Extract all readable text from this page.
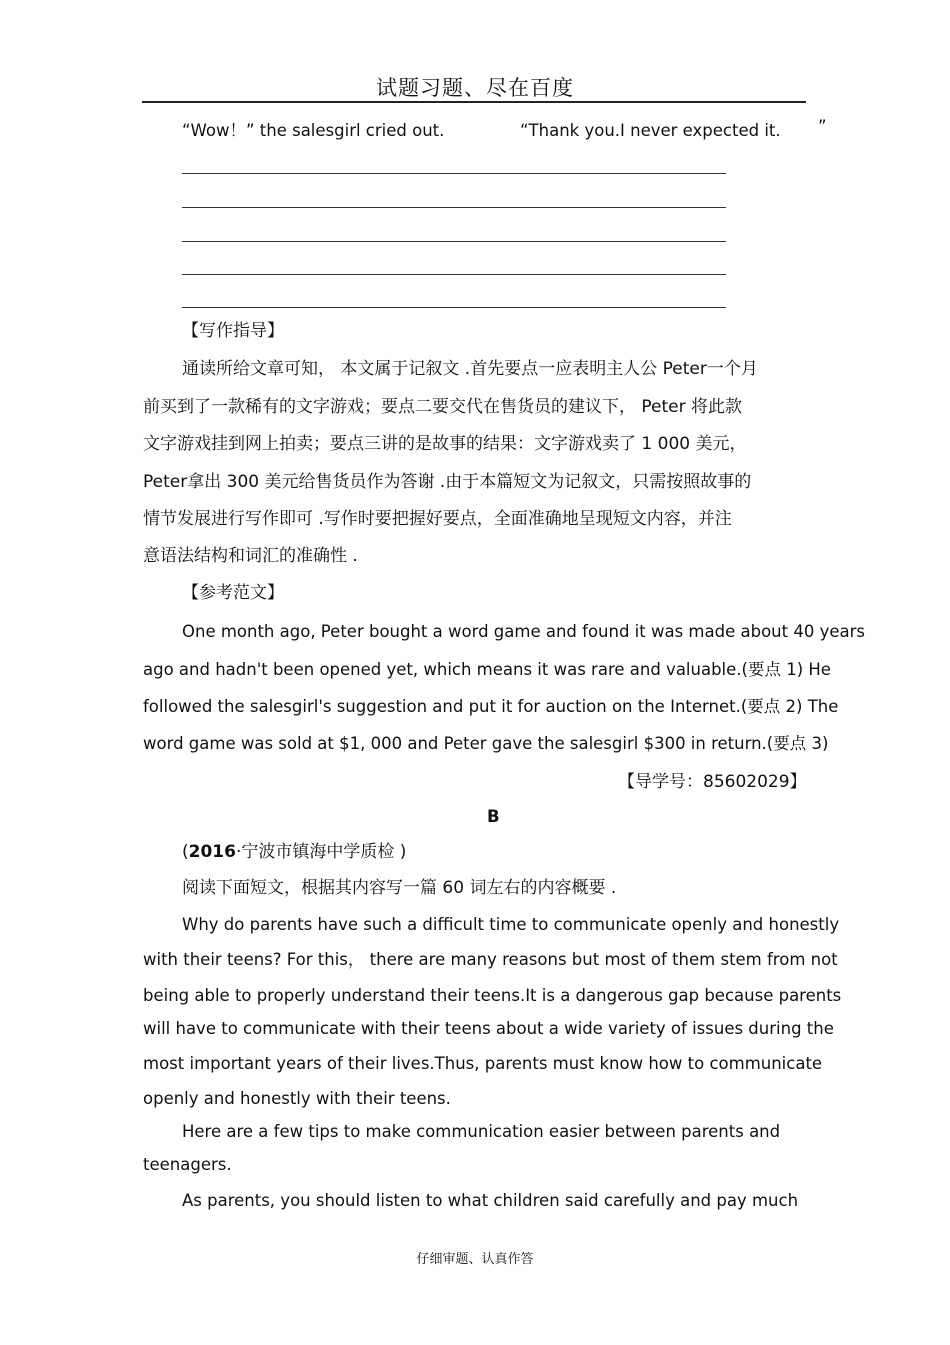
试题习题、尽在百度
“Wow！” the salesgirl cried out.	“Thank you.I never expected it. ”
【写作指导】
通读所给文章可知， 本文属于记叙文 .首先要点一应表明主人公 Peter一个月
前买到了一款稀有的文字游戏；要点二要交代在售货员的建议下， Peter 将此款
文字游戏挂到网上拍卖；要点三讲的是故事的结果：文字游戏卖了 1 000 美元，
Peter拿出 300 美元给售货员作为答谢 .由于本篇短文为记叙文，只需按照故事的
情节发展进行写作即可 .写作时要把握好要点，全面准确地呈现短文内容，并注
意语法结构和词汇的准确性 .
【参考范文】
One month ago, Peter bought a word game and found it was made about 40 years
ago and hadn't been opened yet, which means it was rare and valuable.(要点 1) He
followed the salesgirl's suggestion and put it for auction on the Internet.(要点 2) The
word game was sold at $1, 000 and Peter gave the salesgirl $300 in return.(要点 3)
【导学号：85602029】
B
(2016·宁波市镇海中学质检 )
阅读下面短文，根据其内容写一篇 60 词左右的内容概要 .
Why do parents have such a difficult time to communicate openly and honestly
with their teens? For this， there are many reasons but most of them stem from not
being able to properly understand their teens.It is a dangerous gap because parents
will have to communicate with their teens about a wide variety of issues during the
most important years of their lives.Thus, parents must know how to communicate
openly and honestly with their teens.
Here are a few tips to make communication easier between parents and
teenagers.
As parents, you should listen to what children said carefully and pay much
仔细审题、认真作答
